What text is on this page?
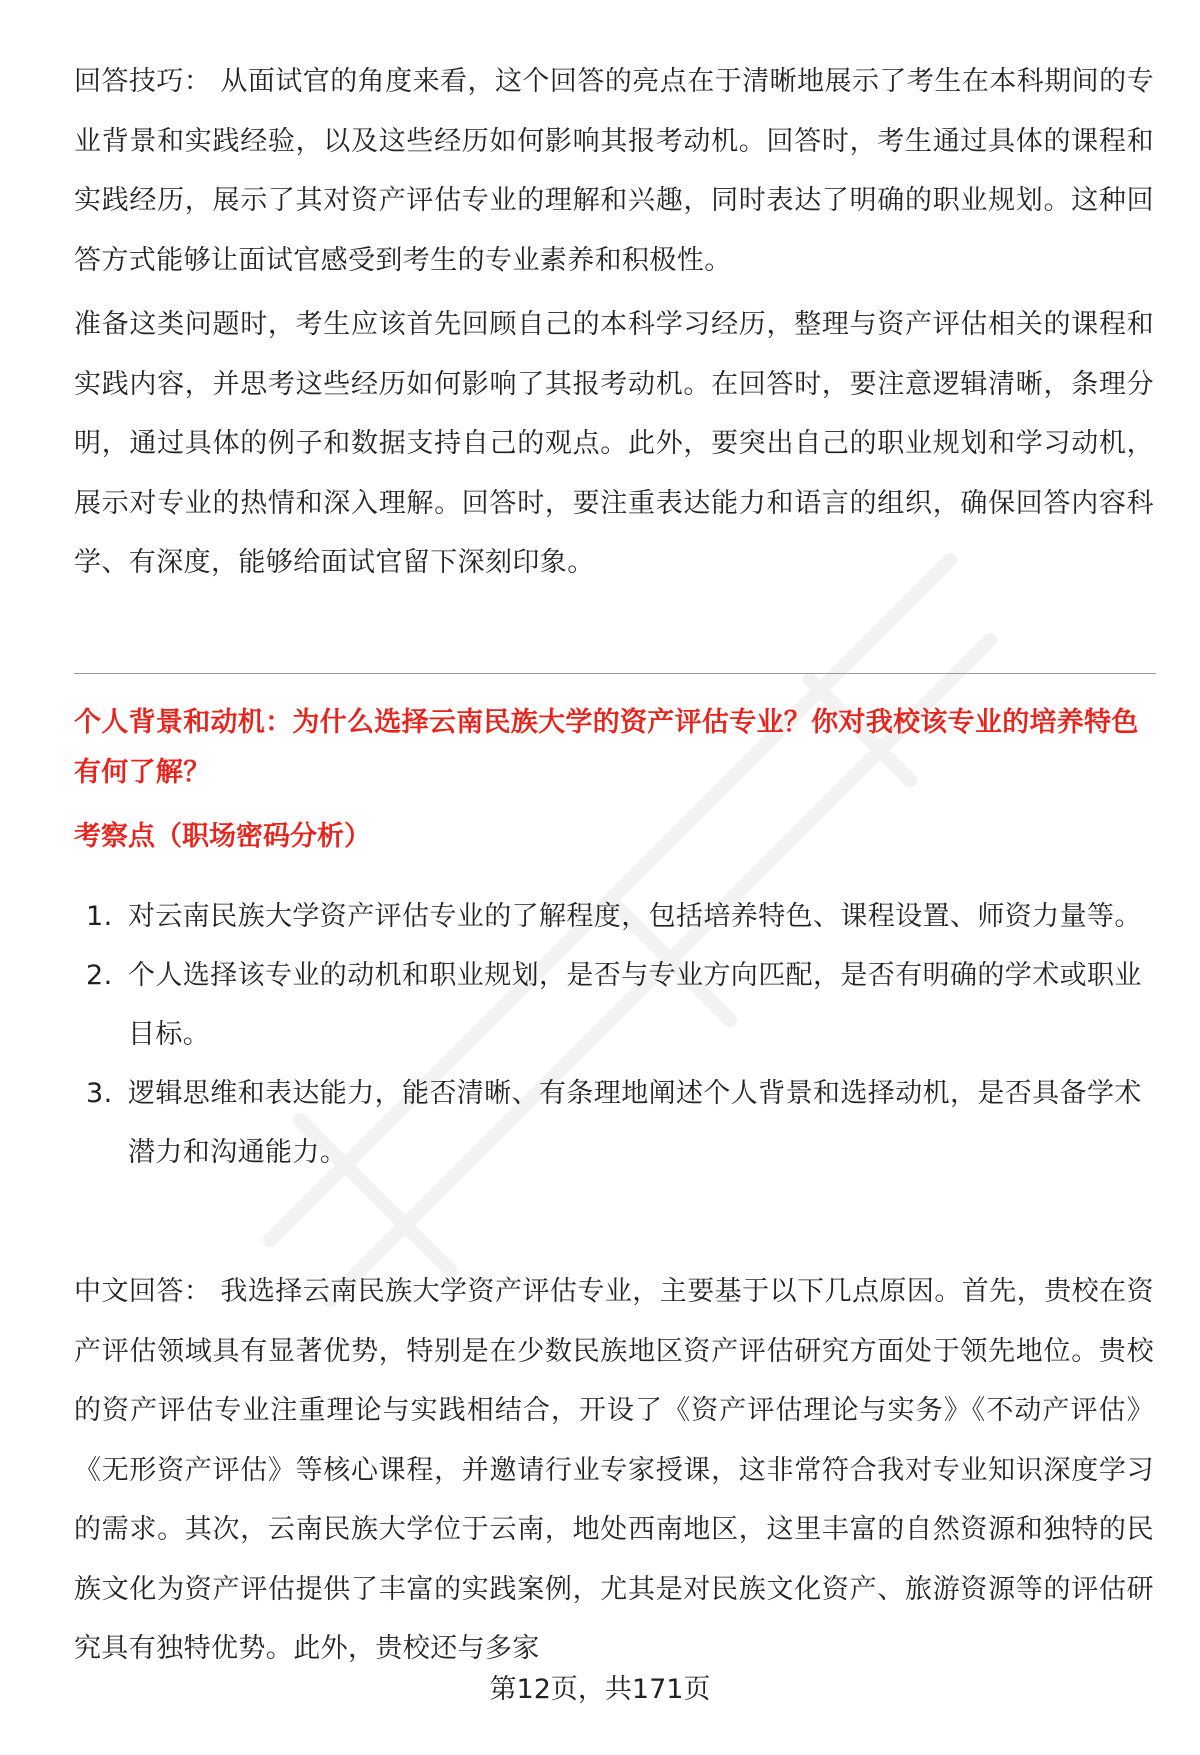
回答技巧： 从面试官的角度来看，这个回答的亮点在于清晰地展示了考生在本科期间的专业背景和实践经验，以及这些经历如何影响其报考动机。回答时，考生通过具体的课程和实践经历，展示了其对资产评估专业的理解和兴趣，同时表达了明确的职业规划。这种回答方式能够让面试官感受到考生的专业素养和积极性。

准备这类问题时，考生应该首先回顾自己的本科学习经历，整理与资产评估相关的课程和实践内容，并思考这些经历如何影响了其报考动机。在回答时，要注意逻辑清晰，条理分明，通过具体的例子和数据支持自己的观点。此外，要突出自己的职业规划和学习动机，展示对专业的热情和深入理解。回答时，要注重表达能力和语言的组织，确保回答内容科学、有深度，能够给面试官留下深刻印象。

个人背景和动机：为什么选择云南民族大学的资产评估专业？你对我校该专业的培养特色有何了解？

考察点（职场密码分析）

1. 对云南民族大学资产评估专业的了解程度，包括培养特色、课程设置、师资力量等。
2. 个人选择该专业的动机和职业规划，是否与专业方向匹配，是否有明确的学术或职业目标。
3. 逻辑思维和表达能力，能否清晰、有条理地阐述个人背景和选择动机，是否具备学术潜力和沟通能力。

中文回答： 我选择云南民族大学资产评估专业，主要基于以下几点原因。首先，贵校在资产评估领域具有显著优势，特别是在少数民族地区资产评估研究方面处于领先地位。贵校的资产评估专业注重理论与实践相结合，开设了《资产评估理论与实务》《不动产评估》《无形资产评估》等核心课程，并邀请行业专家授课，这非常符合我对专业知识深度学习的需求。其次，云南民族大学位于云南，地处西南地区，这里丰富的自然资源和独特的民族文化为资产评估提供了丰富的实践案例，尤其是对民族文化资产、旅游资源等的评估研究具有独特优势。此外，贵校还与多家

第12页，共171页
